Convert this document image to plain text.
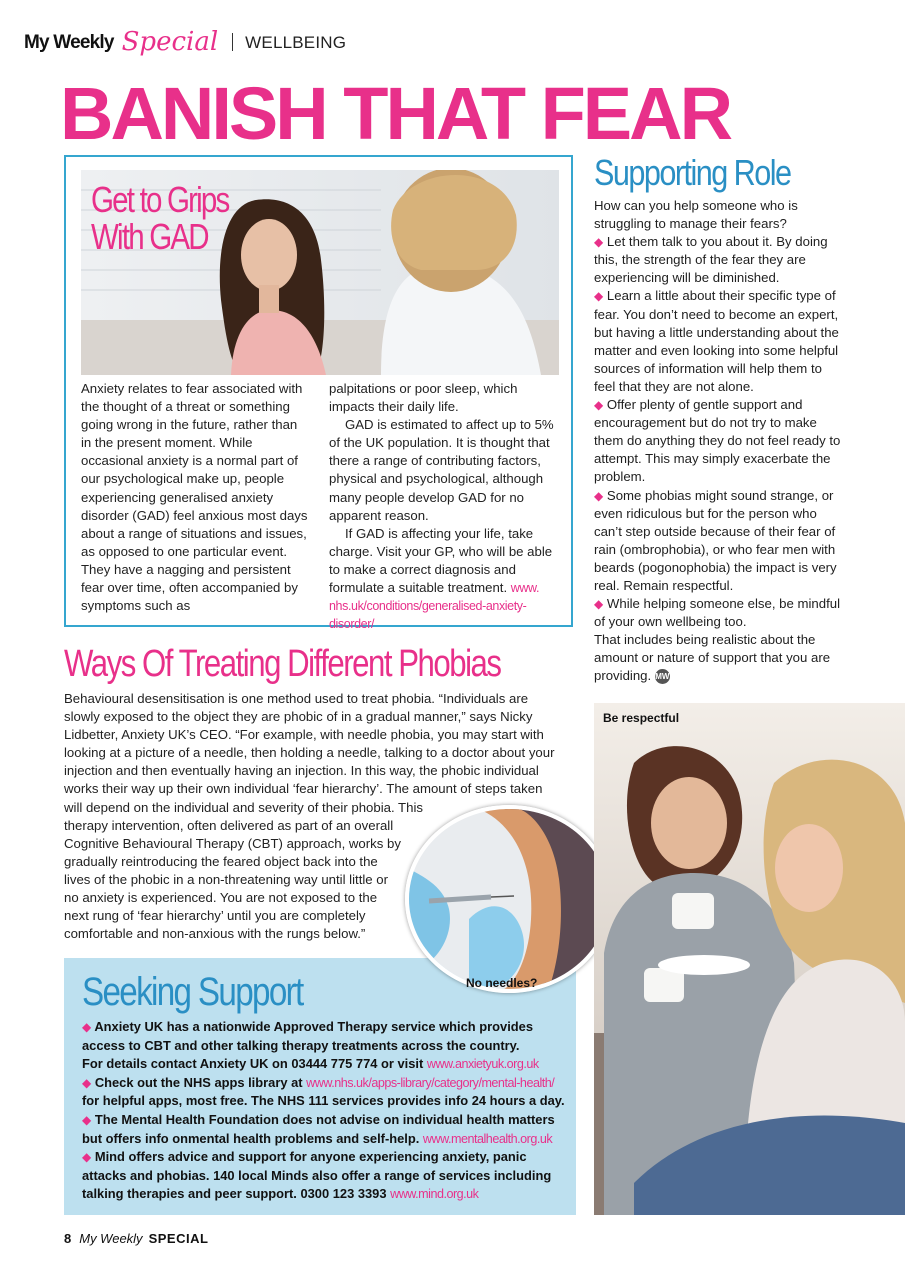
My Weekly Special WELLBEING
BANISH THAT FEAR
Get to Grips
With GAD

Anxiety relates to fear associated with the thought of a threat or something going wrong in the future, rather than in the present moment. While occasional anxiety is a normal part of our psychological make up, people experiencing generalised anxiety disorder (GAD) feel anxious most days about a range of situations and issues, as opposed to one particular event. They have a nagging and persistent fear over time, often accompanied by symptoms such as

palpitations or poor sleep, which impacts their daily life.

GAD is estimated to affect up to 5% of the UK population. It is thought that there a range of contributing factors, physical and psychological, although many people develop GAD for no apparent reason.

If GAD is affecting your life, take charge. Visit your GP, who will be able to make a correct diagnosis and formulate a suitable treatment. www.
nhs.uk/conditions/generalised-anxiety-disorder/

Supporting Role

How can you help someone who is struggling to manage their fears?

◆ Let them talk to you about it. By doing this, the strength of the fear they are experiencing will be diminished.

◆ Learn a little about their specific type of fear. You don’t need to become an expert, but having a little understanding about the matter and even looking into some helpful sources of information will help them to feel that they are not alone.

◆ Offer plenty of gentle support and encouragement but do not try to make them do anything they do not feel ready to attempt. This may simply exacerbate the problem.

◆ Some phobias might sound strange, or even ridiculous but for the person who can’t step outside because of their fear of rain (ombrophobia), or who fear men with beards (pogonophobia) the impact is very real. Remain respectful.

◆ While helping someone else, be mindful of your own wellbeing too.

That includes being realistic about the amount or nature of support that you are providing. MW

Ways Of Treating Different Phobias
Behavioural desensitisation is one method used to treat phobia. “Individuals are
slowly exposed to the object they are phobic of in a gradual manner,” says Nicky
Lidbetter, Anxiety UK’s CEO. “For example, with needle phobia, you may start with
looking at a picture of a needle, then holding a needle, talking to a doctor about your
injection and then eventually having an injection. In this way, the phobic individual
works their way up their own individual ‘fear hierarchy’. The amount of steps taken
will depend on the individual and severity of their phobia. This
therapy intervention, often delivered as part of an overall
Cognitive Behavioural Therapy (CBT) approach, works by
gradually reintroducing the feared object back into the
lives of the phobic in a non-threatening way until little or
no anxiety is experienced. You are not exposed to the
next rung of ‘fear hierarchy’ until you are completely
comfortable and non-anxious with the rungs below.”
Seeking Support
◆ Anxiety UK has a nationwide Approved Therapy service which provides
access to CBT and other talking therapy treatments across the country.
For details contact Anxiety UK on 03444 775 774 or visit www.anxietyuk.org.uk
◆ Check out the NHS apps library at www.nhs.uk/apps-library/category/mental-health/
for helpful apps, most free. The NHS 111 services provides info 24 hours a day.
◆ The Mental Health Foundation does not advise on individual health matters
but offers info onmental health problems and self-help. www.mentalhealth.org.uk
◆ Mind offers advice and support for anyone experiencing anxiety, panic
attacks and phobias. 140 local Minds also offer a range of services including
talking therapies and peer support. 0300 123 3393 www.mind.org.uk
No needles?
Be respectful
8 My Weekly SPECIAL
